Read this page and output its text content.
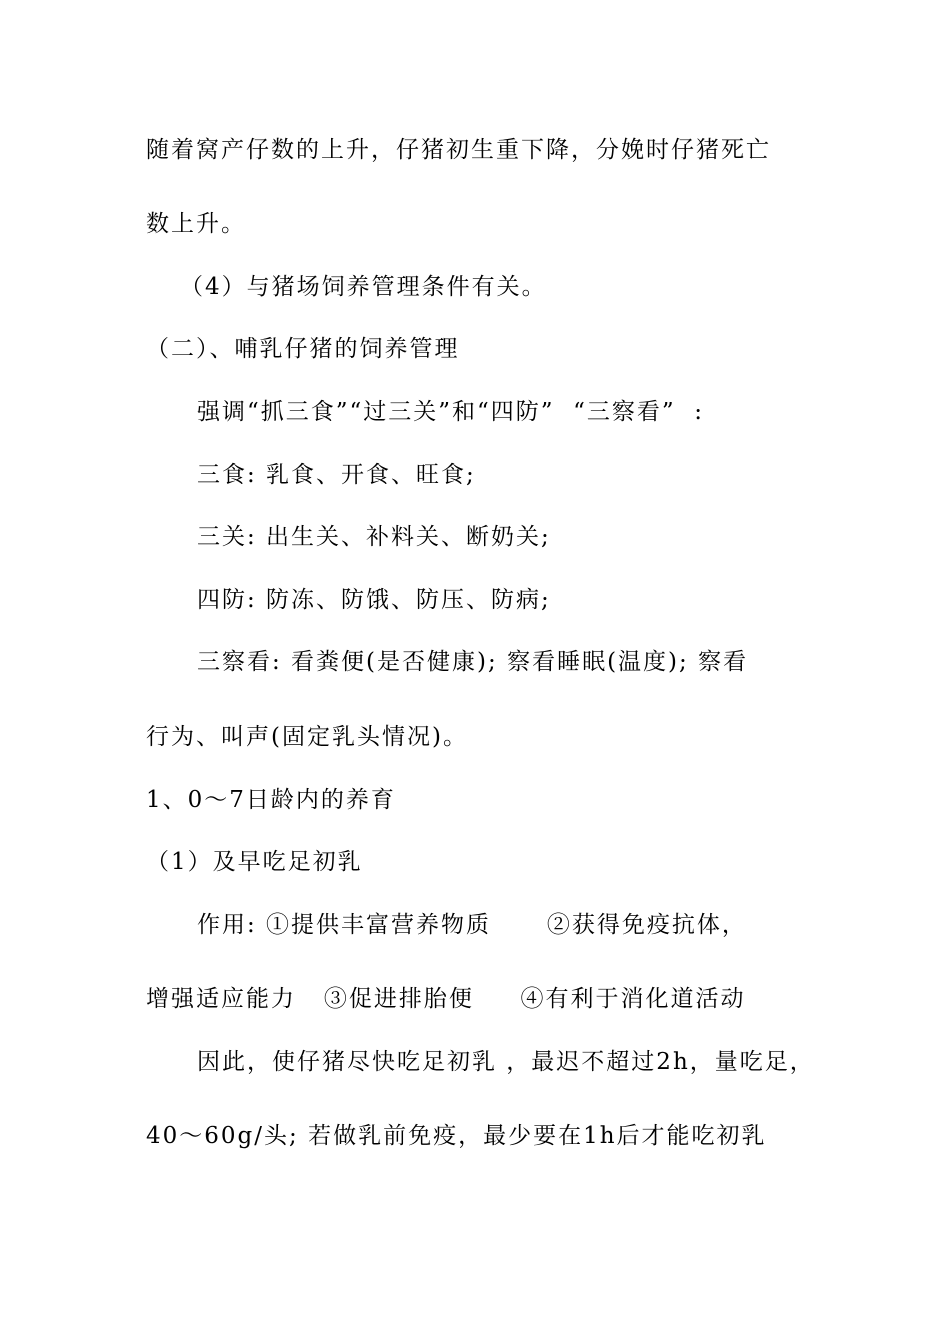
随着窝产仔数的上升，仔猪初生重下降，分娩时仔猪死亡
数上升。
（4）与猪场饲养管理条件有关。
（二）、哺乳仔猪的饲养管理
强调“抓三食”“过三关”和“四防”  “三察看”  :
三食: 乳食、开食、旺食;
三关: 出生关、补料关、断奶关;
四防: 防冻、防饿、防压、防病;
三察看: 看粪便(是否健康); 察看睡眠(温度); 察看
行为、叫声(固定乳头情况)。
1、0～7日龄内的养育
（1）及早吃足初乳
作用: ①提供丰富营养物质      ②获得免疫抗体，
增强适应能力   ③促进排胎便     ④有利于消化道活动
因此，使仔猪尽快吃足初乳 ，最迟不超过2h，量吃足，
40～60g/头; 若做乳前免疫，最少要在1h后才能吃初乳
